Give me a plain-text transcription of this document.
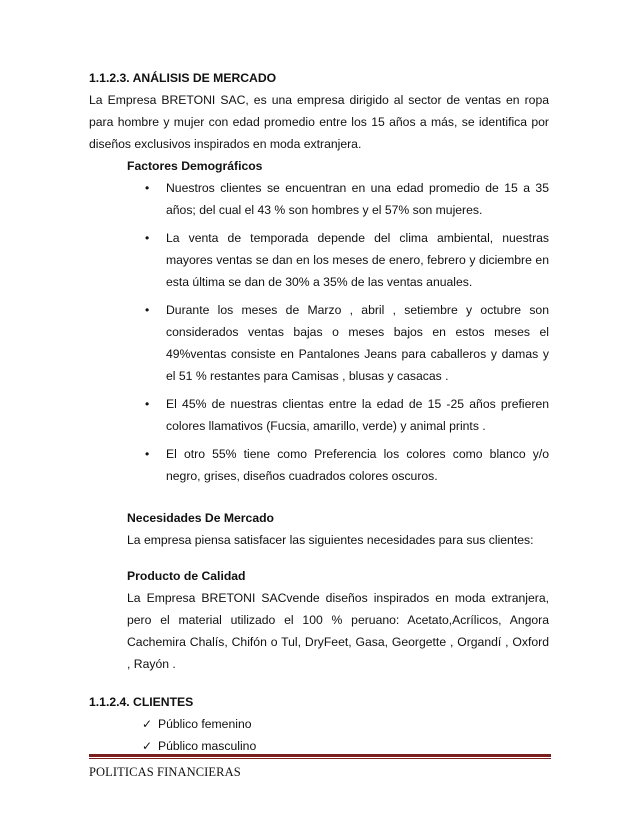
1.1.2.3. ANÁLISIS DE MERCADO

La Empresa BRETONI SAC, es una empresa dirigido al sector de ventas en ropa para hombre y mujer con edad promedio entre los 15 años a más, se identifica por diseños exclusivos inspirados en moda extranjera.

Factores Demográficos

• Nuestros clientes se encuentran en una edad promedio de 15 a 35 años; del cual el 43 % son hombres y el 57% son mujeres.
• La venta de temporada depende del clima ambiental, nuestras mayores ventas se dan en los meses de enero, febrero y diciembre en esta última se dan de 30% a 35% de las ventas anuales.
• Durante los meses de Marzo , abril , setiembre y octubre son considerados ventas bajas o meses bajos en estos meses el 49%ventas consiste en Pantalones Jeans para caballeros y damas y el 51 % restantes para Camisas , blusas y casacas .
• El 45% de nuestras clientas entre la edad de 15 -25 años prefieren colores llamativos (Fucsia, amarillo, verde) y animal prints .
• El otro 55% tiene como Preferencia los colores como blanco y/o negro, grises, diseños cuadrados colores oscuros.

Necesidades De Mercado

La empresa piensa satisfacer las siguientes necesidades para sus clientes:

Producto de Calidad

La Empresa BRETONI SACvende diseños inspirados en moda extranjera, pero el material utilizado el 100 % peruano: Acetato,Acrílicos, Angora Cachemira Chalís, Chifón o Tul, DryFeet, Gasa, Georgette , Organdí , Oxford , Rayón .

1.1.2.4. CLIENTES

✓ Público femenino
✓ Público masculino
POLITICAS FINANCIERAS
